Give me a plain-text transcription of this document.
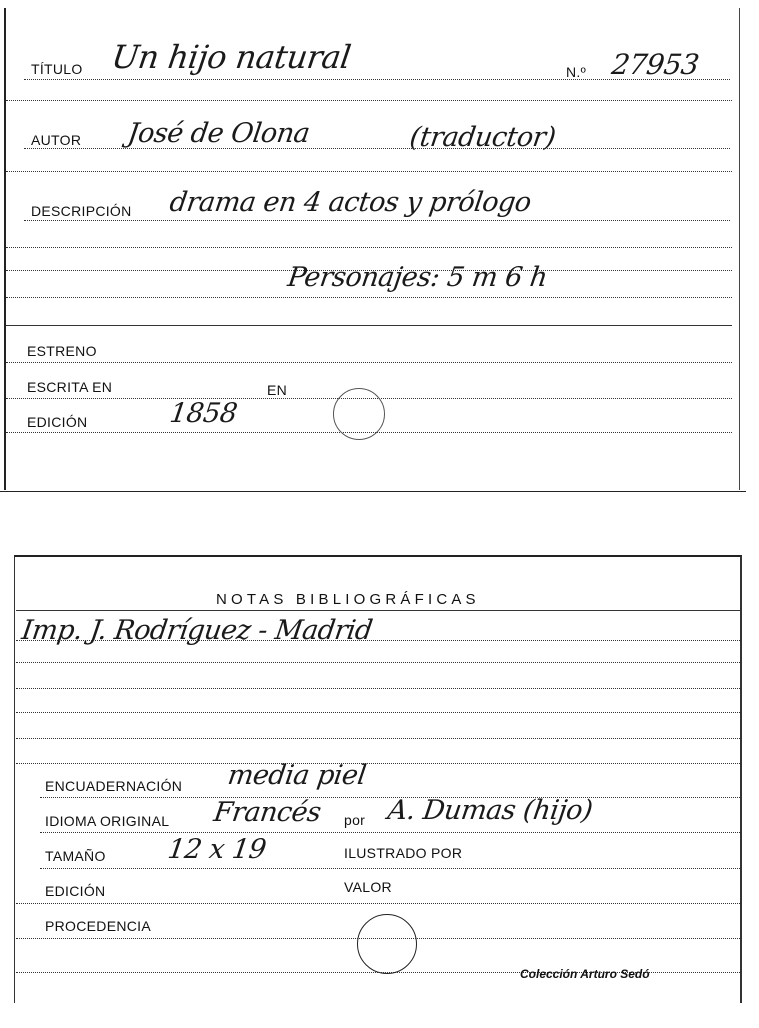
TÍTULO Un hijo natural	N.º 27953
AUTOR José de Olona	(traductor)
DESCRIPCIÓN drama en 4 actos y prólogo
Personajes: 5 m 6 h
ESTRENO
ESCRITA EN	EN
EDICIÓN	1858
NOTAS BIBLIOGRÁFICAS
Imp. J. Rodríguez - Madrid
ENCUADERNACIÓN media piel
IDIOMA ORIGINAL Francés por A. Dumas (hijo)
TAMAÑO 12 x 19	ILUSTRADO POR
EDICIÓN	VALOR
PROCEDENCIA
Colección Arturo Sedó
